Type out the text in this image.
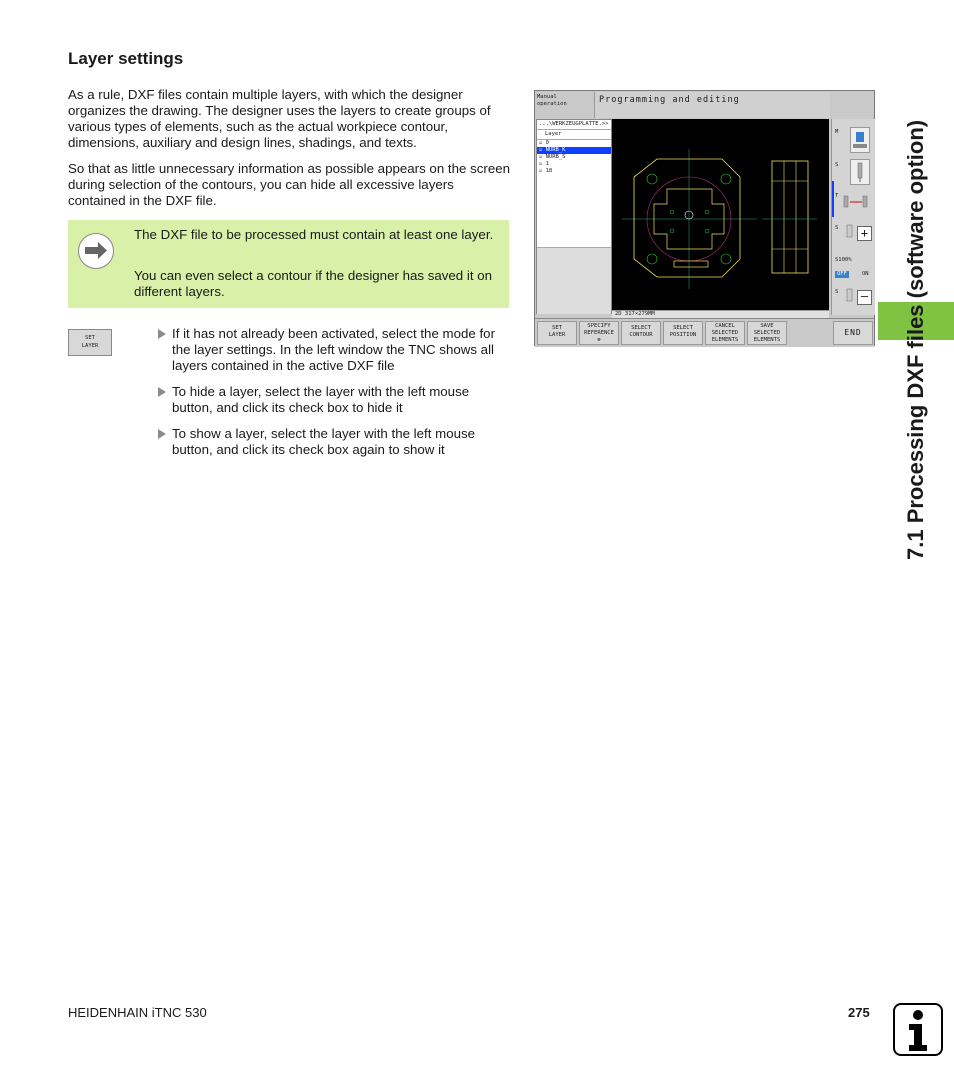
Layer settings

As a rule, DXF files contain multiple layers, with which the designer organizes the drawing. The designer uses the layers to create groups of various types of elements, such as the actual workpiece contour, dimensions, auxiliary and design lines, shadings, and texts.

So that as little unnecessary information as possible appears on the screen during selection of the contours, you can hide all excessive layers contained in the DXF file.

The DXF file to be processed must contain at least one layer.

You can even select a contour if the designer has saved it on different layers.

SET
LAYER
If it has not already been activated, select the mode for the layer settings. In the left window the TNC shows all layers contained in the active DXF file
To hide a layer, select the layer with the left mouse button, and click its check box to hide it
To show a layer, select the layer with the left mouse button, and click its check box again to show it
Manual
operation	Programming and editing
...\WERKZEUGPLATTE.>>
Layer
☑ 0
☑ NURB_K
☑ NURB_S
☑ 1
☑ 18
2D 317×279MM
M
S
T
S	+
S100%
OFF	ON
S	–
SET
LAYER
SPECIFY
REFERENCE
⊕
SELECT
CONTOUR
SELECT
POSITION
CANCEL
SELECTED
ELEMENTS
SAVE
SELECTED
ELEMENTS
END	7.1 Processing DXF files (software option)
HEIDENHAIN iTNC 530	275
